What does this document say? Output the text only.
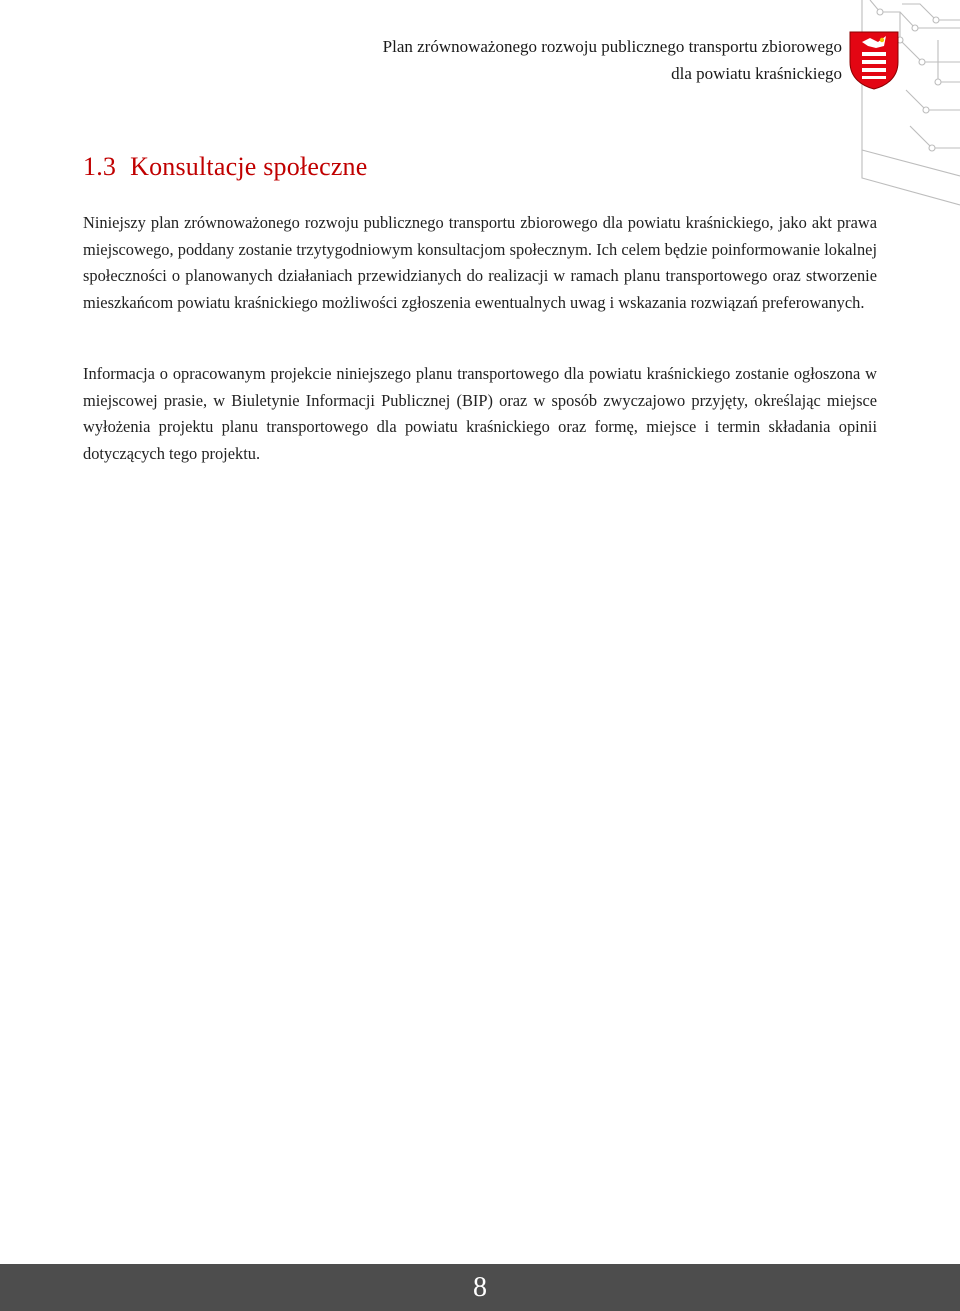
Plan zrównoważonego rozwoju publicznego transportu zbiorowego
dla powiatu kraśnickiego
1.3 Konsultacje społeczne

Niniejszy plan zrównoważonego rozwoju publicznego transportu zbiorowego dla powiatu kraśnickiego, jako akt prawa miejscowego, poddany zostanie trzytygodniowym konsultacjom społecznym. Ich celem będzie poinformowanie lokalnej społeczności o planowanych działaniach przewidzianych do realizacji w ramach planu transportowego oraz stworzenie mieszkańcom powiatu kraśnickiego możliwości zgłoszenia ewentualnych uwag i wskazania rozwiązań preferowanych.

Informacja o opracowanym projekcie niniejszego planu transportowego dla powiatu kraśnickiego zostanie ogłoszona w miejscowej prasie, w Biuletynie Informacji Publicznej (BIP) oraz w sposób zwyczajowo przyjęty, określając miejsce wyłożenia projektu planu transportowego dla powiatu kraśnickiego oraz formę, miejsce i termin składania opinii dotyczących tego projektu.

8
